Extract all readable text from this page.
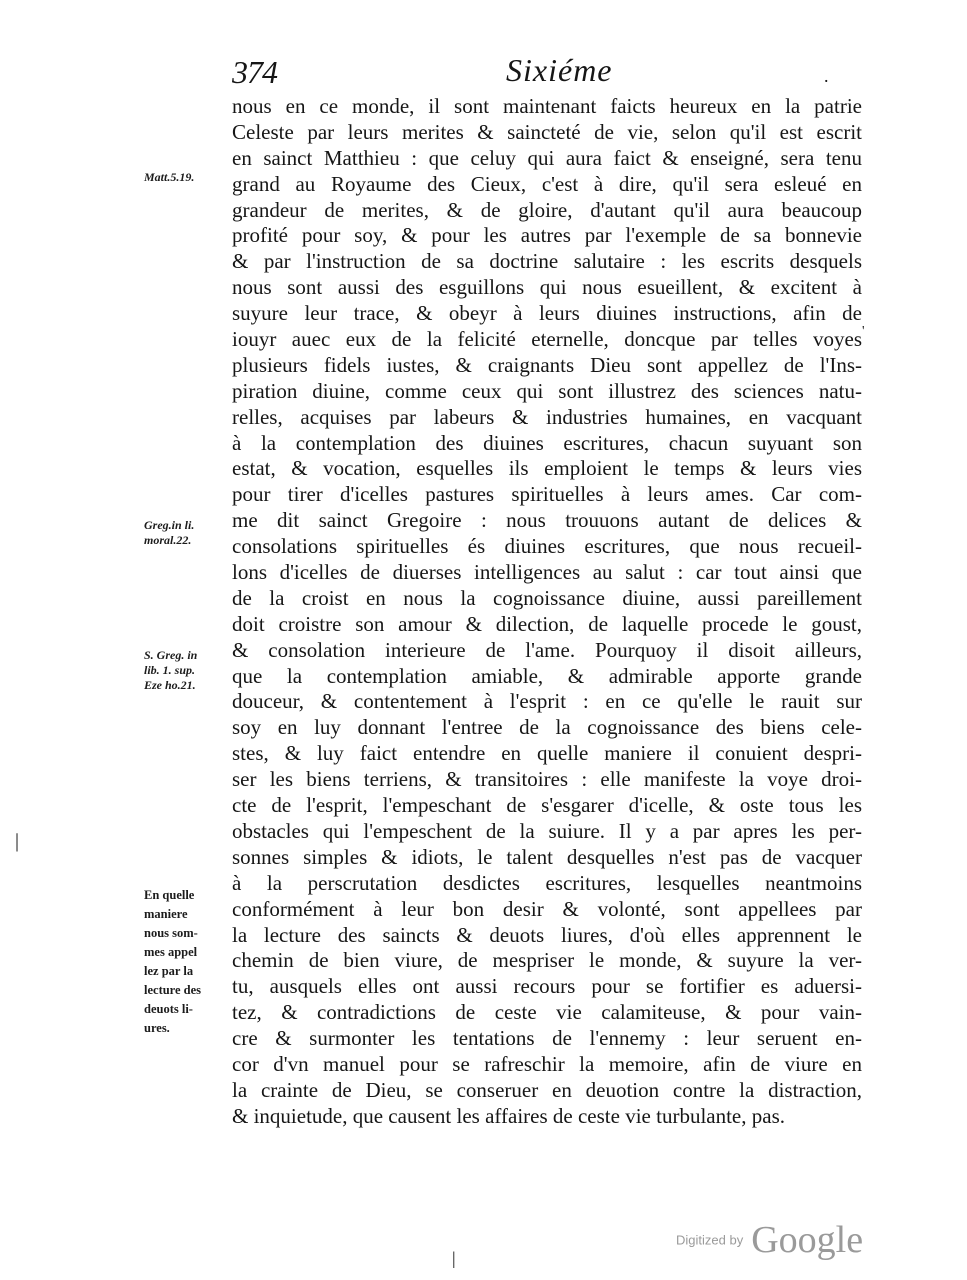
374	Sixiéme	.
nous en ce monde, il sont maintenant faicts heureux en la patrie
Celeste par leurs merites & saincteté de vie, selon qu'il est escrit
en sainct Matthieu : que celuy qui aura faict & enseigné, sera tenu
grand au Royaume des Cieux, c'est à dire, qu'il sera esleué en
grandeur de merites, & de gloire, d'autant qu'il aura beaucoup
profité pour soy, & pour les autres par l'exemple de sa bonnevie
& par l'instruction de sa doctrine salutaire : les escrits desquels
nous sont aussi des esguillons qui nous esueillent, & excitent à
suyure leur trace, & obeyr à leurs diuines instructions, afin de
iouyr auec eux de la felicité eternelle, doncque par telles voyes
plusieurs fidels iustes, & craignants Dieu sont appellez de l'Ins-
piration diuine, comme ceux qui sont illustrez des sciences natu-
relles, acquises par labeurs & industries humaines, en vacquant
à la contemplation des diuines escritures, chacun suyuant son
estat, & vocation, esquelles ils emploient le temps & leurs vies
pour tirer d'icelles pastures spirituelles à leurs ames. Car com-
me dit sainct Gregoire : nous trouuons autant de delices &
consolations spirituelles és diuines escritures, que nous recueil-
lons d'icelles de diuerses intelligences au salut : car tout ainsi que
de la croist en nous la cognoissance diuine, aussi pareillement
doit croistre son amour & dilection, de laquelle procede le goust,
& consolation interieure de l'ame. Pourquoy il disoit ailleurs,
que la contemplation amiable, & admirable apporte grande
douceur, & contentement à l'esprit : en ce qu'elle le rauit sur
soy en luy donnant l'entree de la cognoissance des biens cele-
stes, & luy faict entendre en quelle maniere il conuient despri-
ser les biens terriens, & transitoires : elle manifeste la voye droi-
cte de l'esprit, l'empeschant de s'esgarer d'icelle, & oste tous les
obstacles qui l'empeschent de la suiure. Il y a par apres les per-
sonnes simples & idiots, le talent desquelles n'est pas de vacquer
à la perscrutation desdictes escritures, lesquelles neantmoins
conformément à leur bon desir & volonté, sont appellees par
la lecture des saincts & deuots liures, d'où elles apprennent le
chemin de bien viure, de mespriser le monde, & suyure la ver-
tu, ausquels elles ont aussi recours pour se fortifier es aduersi-
tez, & contradictions de ceste vie calamiteuse, & pour vain-
cre & surmonter les tentations de l'ennemy : leur seruent en-
cor d'vn manuel pour se rafreschir la memoire, afin de viure en
la crainte de Dieu, se conseruer en deuotion contre la distraction,
& inquietude, que causent les affaires de ceste vie turbulante, pas.
Matt.5.19.
Greg.in li.
moral.22.
S. Greg. in
lib. 1. sup.
Eze ho.21.
En quelle
maniere
nous som-
mes appel
lez par la
lecture des
deuots li-
ures.
|
'
|
Digitized by Google
